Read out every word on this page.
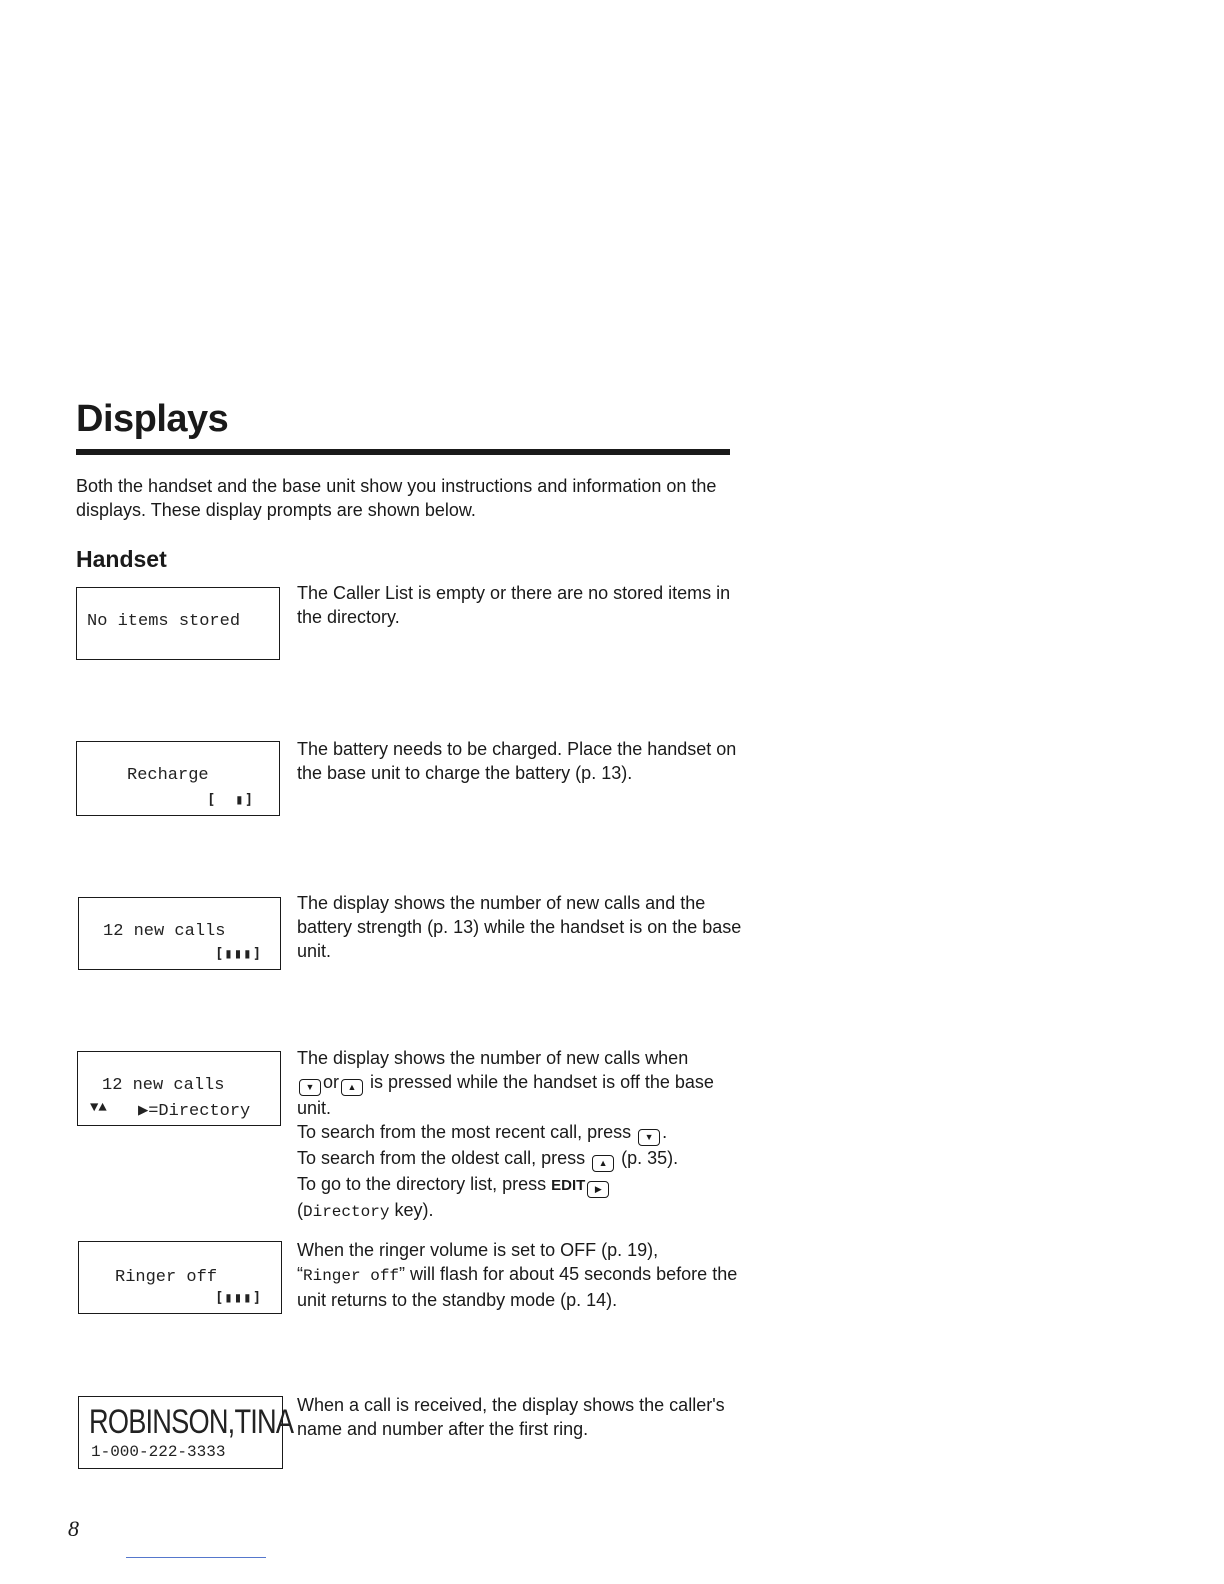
Displays

Both the handset and the base unit show you instructions and information on the displays. These display prompts are shown below.

Handset
No items stored
The Caller List is empty or there are no stored items in the directory.
Recharge
[  ▮]
The battery needs to be charged. Place the handset on the base unit to charge the battery (p. 13).
12 new calls
[▮▮▮]
The display shows the number of new calls and the battery strength (p. 13) while the handset is on the base unit.
12 new calls
▼▲ ▶=Directory

The display shows the number of new calls when
▼ or ▲ is pressed while the handset is off the base unit.

To search from the most recent call, press ▼ .

To search from the oldest call, press ▲ (p. 35).

To go to the directory list, press EDIT ▶

(Directory key).

Ringer off
[▮▮▮]

When the ringer volume is set to OFF (p. 19),
“Ringer off” will flash for about 45 seconds before the unit returns to the standby mode (p. 14).

ROBINSON,TINA
1-000-222-3333
When a call is received, the display shows the caller's name and number after the first ring.
8
